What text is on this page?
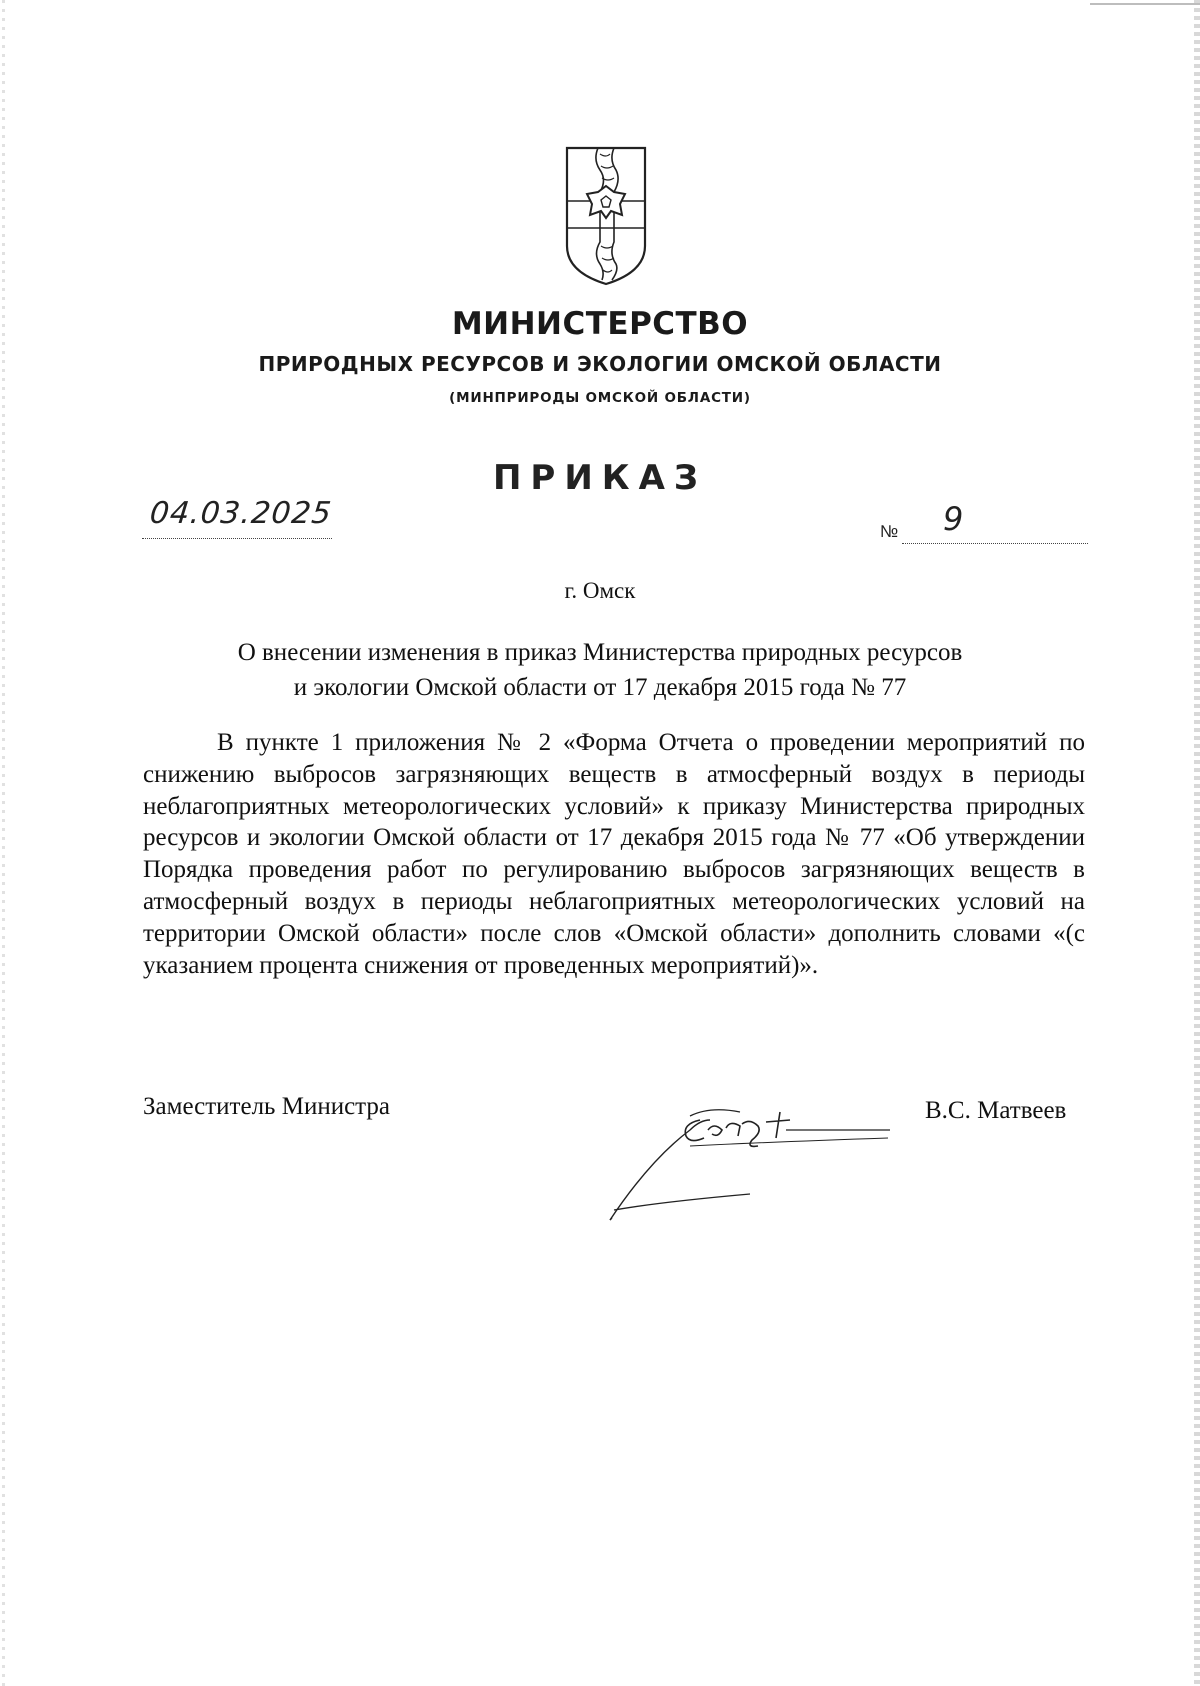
МИНИСТЕРСТВО
ПРИРОДНЫХ РЕСУРСОВ И ЭКОЛОГИИ ОМСКОЙ ОБЛАСТИ
(МИНПРИРОДЫ ОМСКОЙ ОБЛАСТИ)
ПРИКАЗ
04.03.2025
№ 9
г. Омск
О внесении изменения в приказ Министерства природных ресурсов
и экологии Омской области от 17 декабря 2015 года № 77
В пункте 1 приложения № 2 «Форма Отчета о проведении мероприятий по снижению выбросов загрязняющих веществ в атмосферный воздух в периоды неблагоприятных метеорологических условий» к приказу Министерства природных ресурсов и экологии Омской области от 17 декабря 2015 года № 77 «Об утверждении Порядка проведения работ по регулированию выбросов загрязняющих веществ в атмосферный воздух в периоды неблагоприятных метеорологических условий на территории Омской области» после слов «Омской области» дополнить словами «(с указанием процента снижения от проведенных мероприятий)».
Заместитель Министра	В.С. Матвеев
